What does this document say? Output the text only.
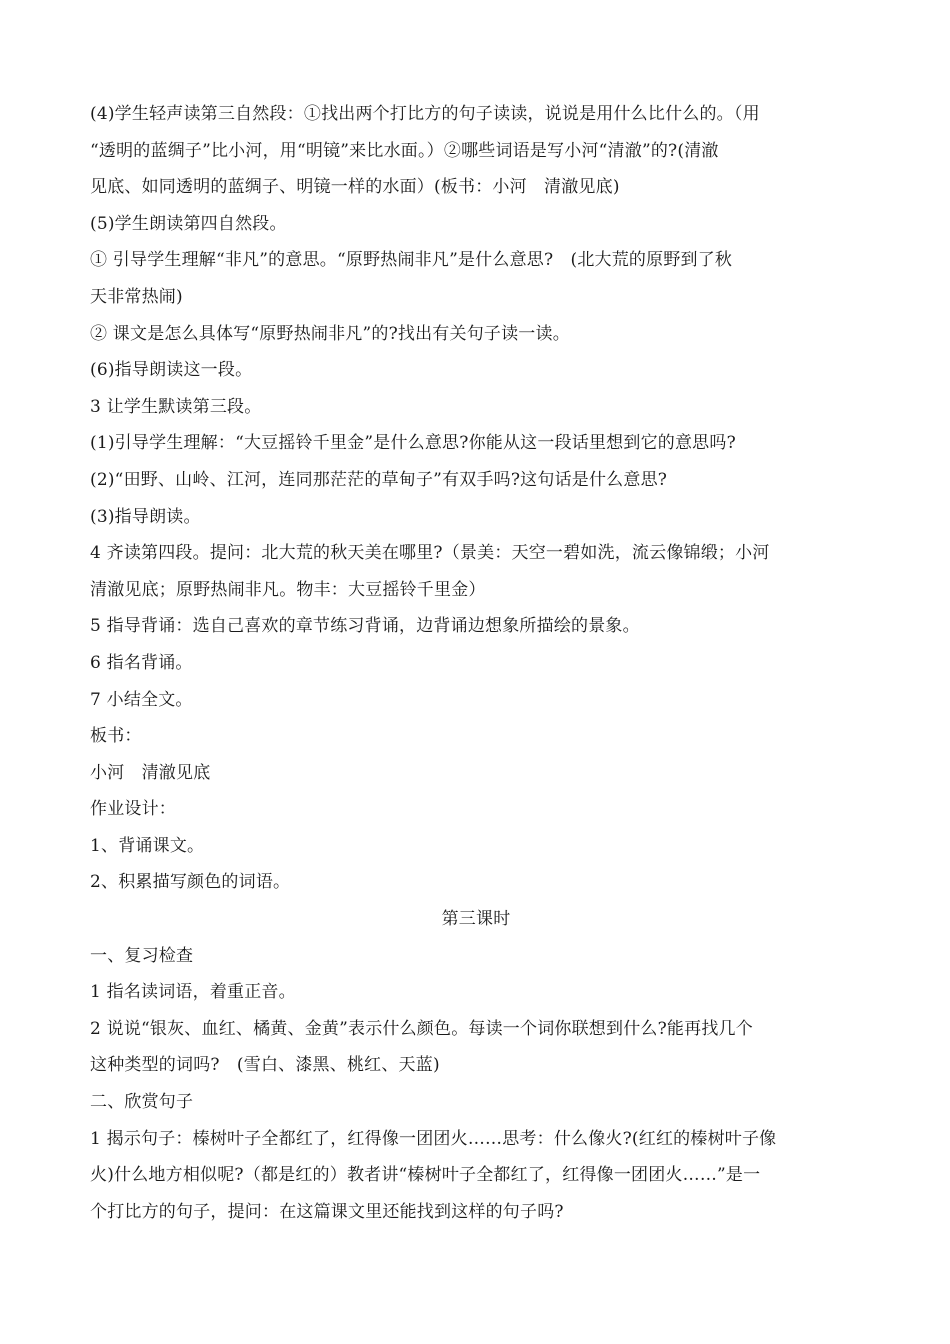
(4)学生轻声读第三自然段：①找出两个打比方的句子读读，说说是用什么比什么的。（用
“透明的蓝绸子”比小河，用“明镜”来比水面。）②哪些词语是写小河“清澈”的?(清澈
见底、如同透明的蓝绸子、明镜一样的水面）(板书：小河　清澈见底)
(5)学生朗读第四自然段。
① 引导学生理解“非凡”的意思。“原野热闹非凡”是什么意思?　(北大荒的原野到了秋
天非常热闹)
② 课文是怎么具体写“原野热闹非凡”的?找出有关句子读一读。
(6)指导朗读这一段。
3 让学生默读第三段。
(1)引导学生理解：“大豆摇铃千里金”是什么意思?你能从这一段话里想到它的意思吗?
(2)“田野、山岭、江河，连同那茫茫的草甸子”有双手吗?这句话是什么意思?
(3)指导朗读。
4 齐读第四段。提问：北大荒的秋天美在哪里?（景美：天空一碧如洗，流云像锦缎；小河
清澈见底；原野热闹非凡。物丰：大豆摇铃千里金）
5 指导背诵：选自己喜欢的章节练习背诵，边背诵边想象所描绘的景象。
6 指名背诵。
7 小结全文。
板书：
小河　清澈见底
作业设计：
1、背诵课文。
2、积累描写颜色的词语。
第三课时
一、复习检查
1 指名读词语，着重正音。
2 说说“银灰、血红、橘黄、金黄”表示什么颜色。每读一个词你联想到什么?能再找几个
这种类型的词吗?　(雪白、漆黑、桃红、天蓝)
二、欣赏句子
1 揭示句子：榛树叶子全都红了，红得像一团团火……思考：什么像火?(红红的榛树叶子像
火)什么地方相似呢?（都是红的）教者讲“榛树叶子全都红了，红得像一团团火……”是一
个打比方的句子，提问：在这篇课文里还能找到这样的句子吗?
